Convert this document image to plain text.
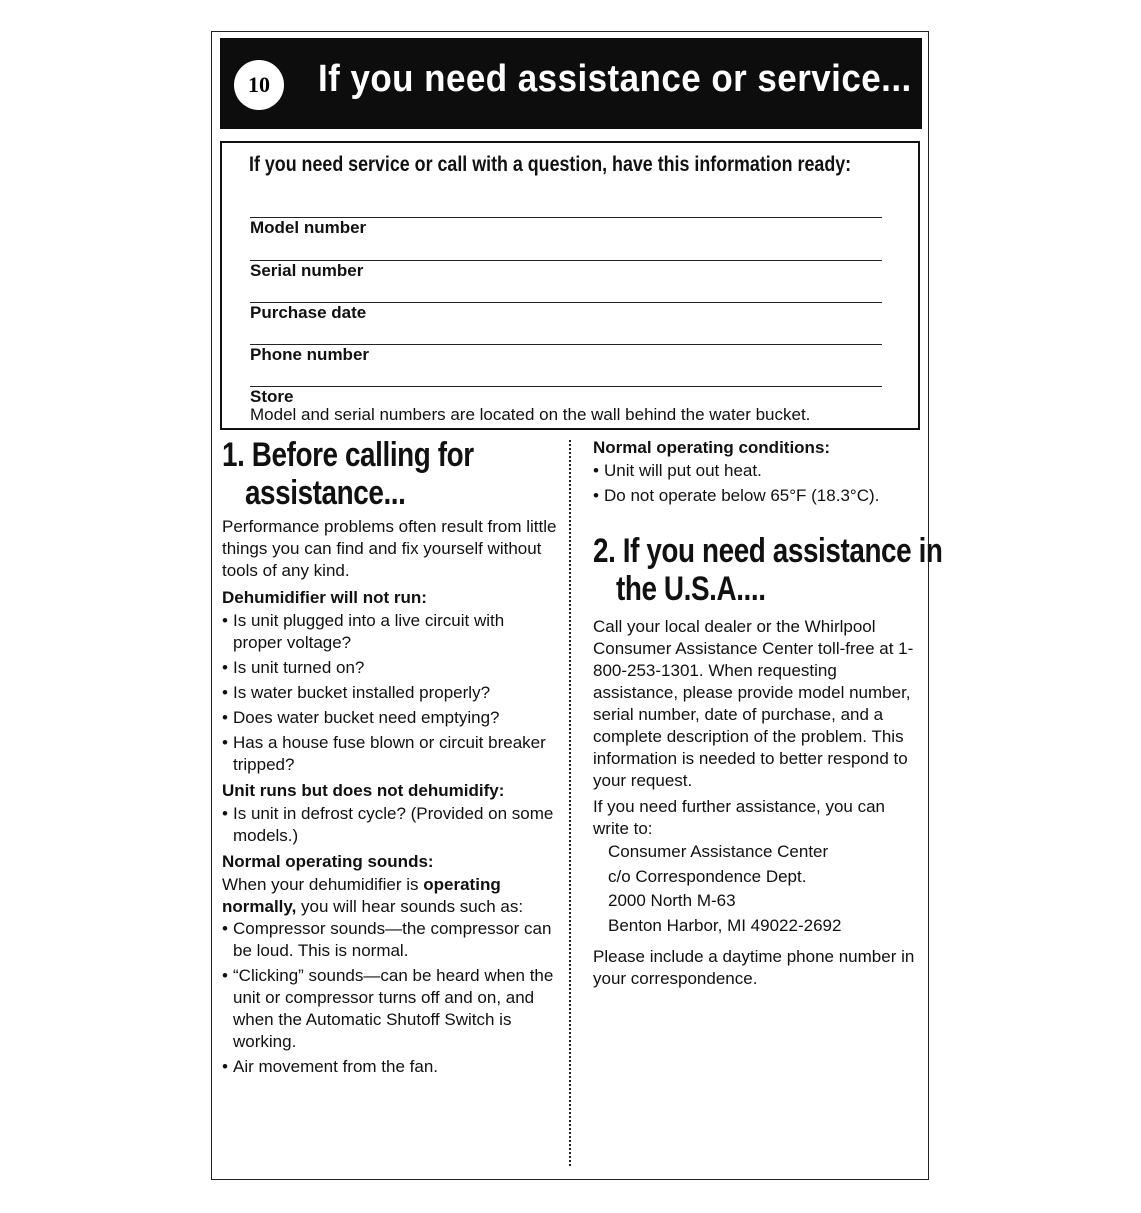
10	If you need assistance or service...
If you need service or call with a question, have this information ready:
Model number
Serial number
Purchase date
Phone number
Store
Model and serial numbers are located on the wall behind the water bucket.
1. Before calling for
assistance...

Performance problems often result from little things you can find and fix yourself without tools of any kind.

Dehumidifier will not run:
• Is unit plugged into a live circuit with proper voltage?
• Is unit turned on?
• Is water bucket installed properly?
• Does water bucket need emptying?
• Has a house fuse blown or circuit breaker tripped?
Unit runs but does not dehumidify:
• Is unit in defrost cycle? (Provided on some models.)
Normal operating sounds:

When your dehumidifier is operating normally, you will hear sounds such as:

• Compressor sounds—the compressor can be loud. This is normal.
• “Clicking” sounds—can be heard when the unit or compressor turns off and on, and when the Automatic Shutoff Switch is working.
• Air movement from the fan.
Normal operating conditions:
• Unit will put out heat.
• Do not operate below 65°F (18.3°C).
2. If you need assistance in
the U.S.A....

Call your local dealer or the Whirlpool Consumer Assistance Center toll-free at 1-800-253-1301. When requesting assistance, please provide model number, serial number, date of purchase, and a complete description of the problem. This information is needed to better respond to your request.

If you need further assistance, you can write to:

Consumer Assistance Center
c/o Correspondence Dept.
2000 North M-63
Benton Harbor, MI 49022-2692

Please include a daytime phone number in your correspondence.
